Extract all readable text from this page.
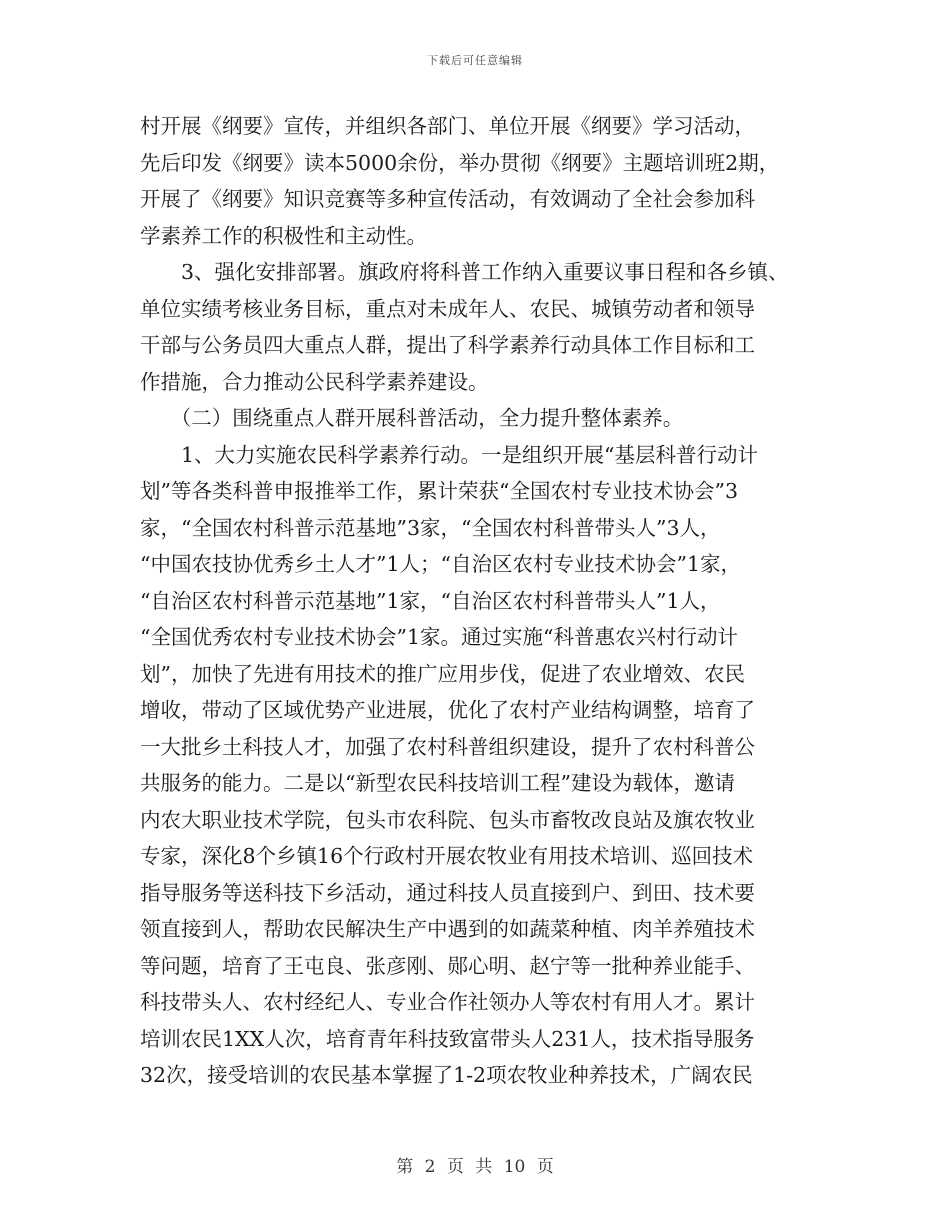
下载后可任意编辑
村开展《纲要》宣传，并组织各部门、单位开展《纲要》学习活动，
先后印发《纲要》读本5000余份，举办贯彻《纲要》主题培训班2期，
开展了《纲要》知识竞赛等多种宣传活动，有效调动了全社会参加科
学素养工作的积极性和主动性。
　　3、强化安排部署。旗政府将科普工作纳入重要议事日程和各乡镇、
单位实绩考核业务目标，重点对未成年人、农民、城镇劳动者和领导
干部与公务员四大重点人群，提出了科学素养行动具体工作目标和工
作措施，合力推动公民科学素养建设。
　　（二）围绕重点人群开展科普活动，全力提升整体素养。
　　1、大力实施农民科学素养行动。一是组织开展“基层科普行动计
划”等各类科普申报推举工作，累计荣获“全国农村专业技术协会”3
家，“全国农村科普示范基地”3家，“全国农村科普带头人”3人，
“中国农技协优秀乡土人才”1人；“自治区农村专业技术协会”1家，
“自治区农村科普示范基地”1家，“自治区农村科普带头人”1人，
“全国优秀农村专业技术协会”1家。通过实施“科普惠农兴村行动计
划”，加快了先进有用技术的推广应用步伐，促进了农业增效、农民
增收，带动了区域优势产业进展，优化了农村产业结构调整，培育了
一大批乡土科技人才，加强了农村科普组织建设，提升了农村科普公
共服务的能力。二是以“新型农民科技培训工程”建设为载体，邀请
内农大职业技术学院，包头市农科院、包头市畜牧改良站及旗农牧业
专家，深化8个乡镇16个行政村开展农牧业有用技术培训、巡回技术
指导服务等送科技下乡活动，通过科技人员直接到户、到田、技术要
领直接到人，帮助农民解决生产中遇到的如蔬菜种植、肉羊养殖技术
等问题，培育了王屯良、张彦刚、郧心明、赵宁等一批种养业能手、
科技带头人、农村经纪人、专业合作社领办人等农村有用人才。累计
培训农民1XX人次，培育青年科技致富带头人231人，技术指导服务
32次，接受培训的农民基本掌握了1-2项农牧业种养技术，广阔农民
第 2 页 共 10 页
